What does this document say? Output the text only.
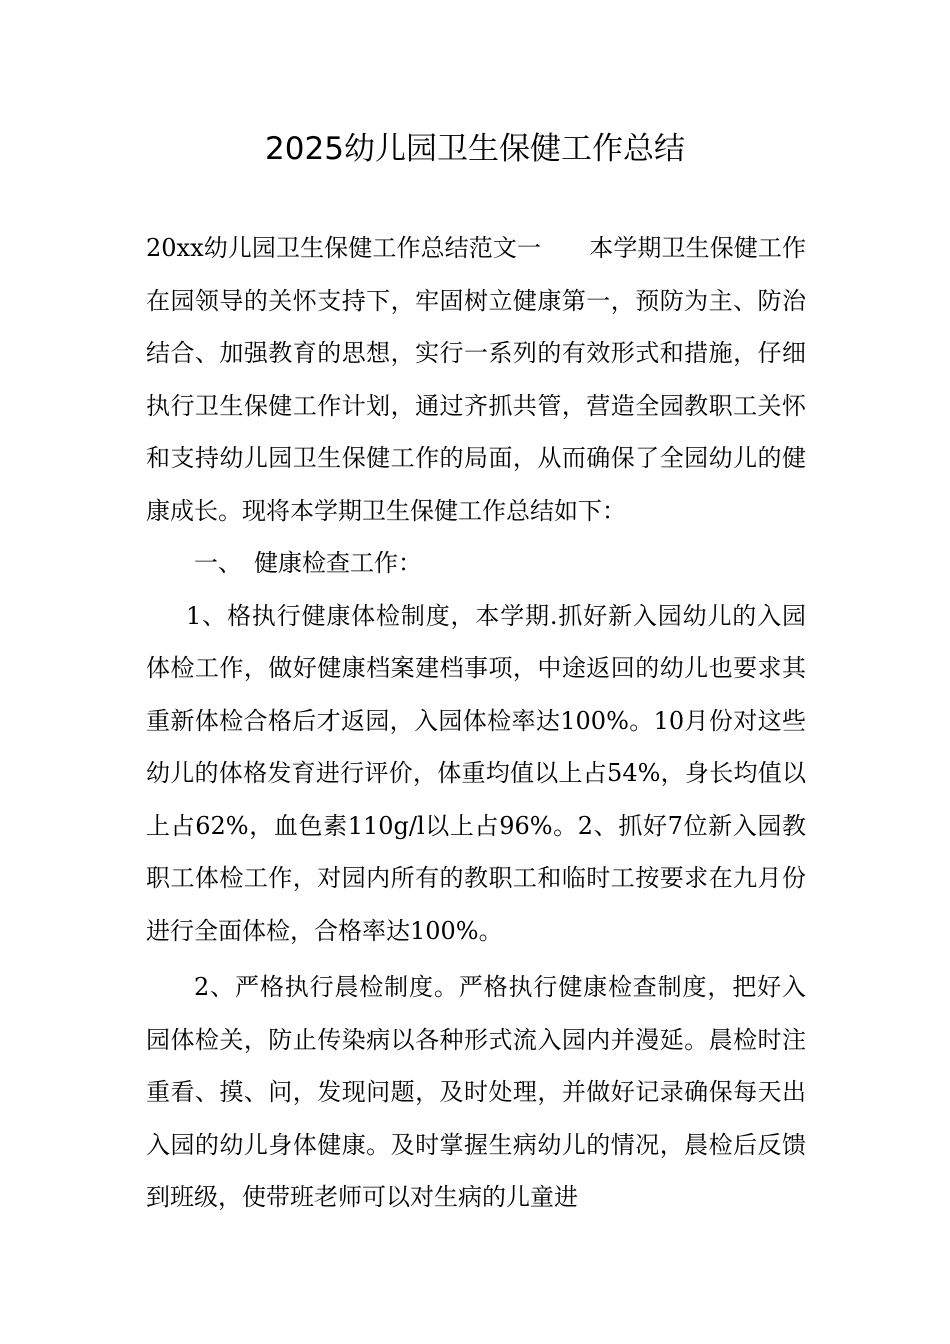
2025幼儿园卫生保健工作总结

20xx幼儿园卫生保健工作总结范文一　　本学期卫生保健工作在园领导的关怀支持下，牢固树立健康第一，预防为主、防治结合、加强教育的思想，实行一系列的有效形式和措施，仔细执行卫生保健工作计划，通过齐抓共管，营造全园教职工关怀和支持幼儿园卫生保健工作的局面，从而确保了全园幼儿的健康成长。现将本学期卫生保健工作总结如下：

一、　健康检查工作：

1、格执行健康体检制度，本学期.抓好新入园幼儿的入园体检工作，做好健康档案建档事项，中途返回的幼儿也要求其重新体检合格后才返园，入园体检率达100%。10月份对这些幼儿的体格发育进行评价，体重均值以上占54%，身长均值以上占62%，血色素110g/l以上占96%。2、抓好7位新入园教职工体检工作，对园内所有的教职工和临时工按要求在九月份进行全面体检，合格率达100%。

2、严格执行晨检制度。严格执行健康检查制度，把好入园体检关，防止传染病以各种形式流入园内并漫延。晨检时注重看、摸、问，发现问题，及时处理，并做好记录确保每天出入园的幼儿身体健康。及时掌握生病幼儿的情况，晨检后反馈到班级，使带班老师可以对生病的儿童进
